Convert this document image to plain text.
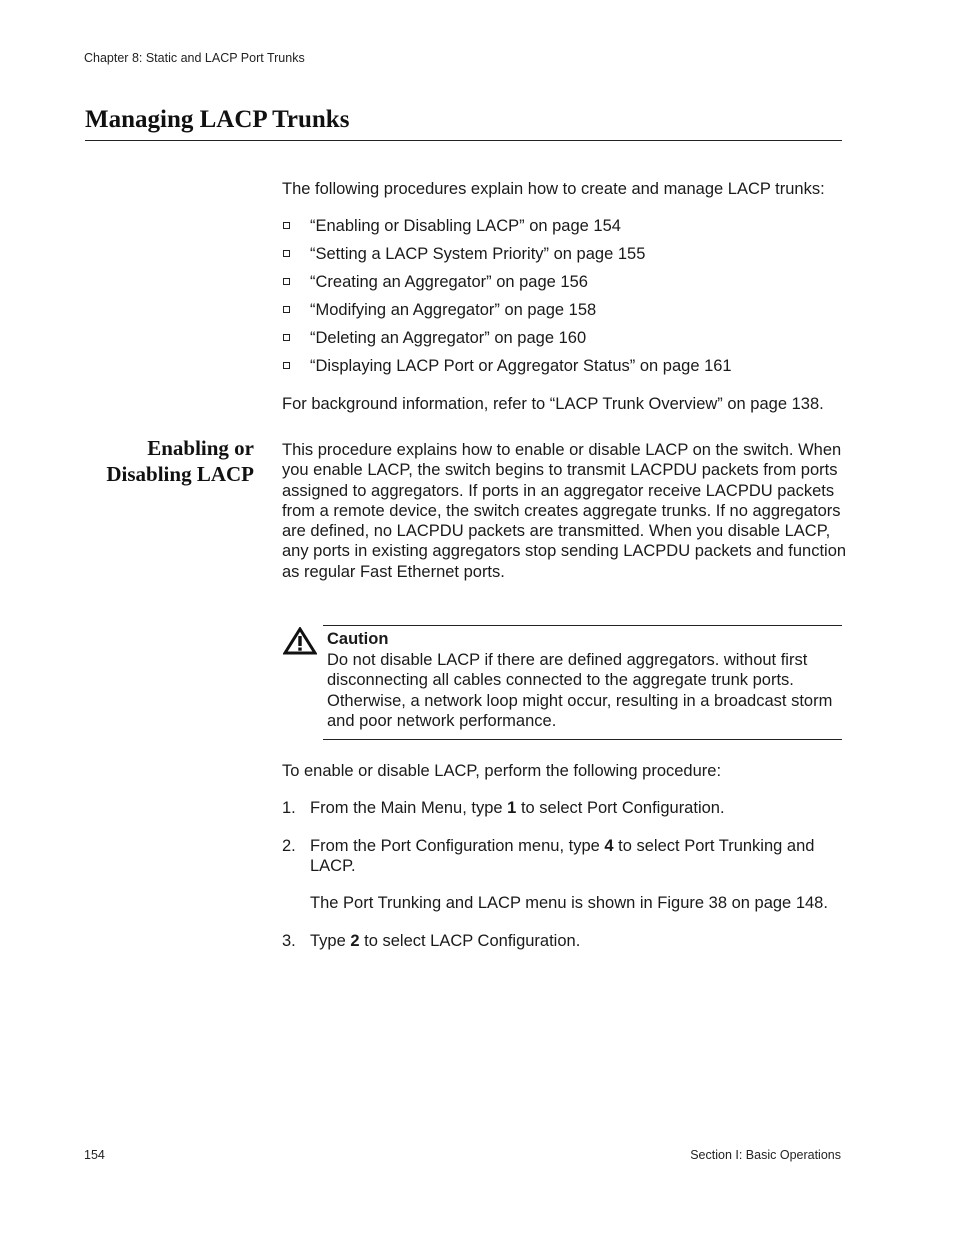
Chapter 8: Static and LACP Port Trunks
Managing LACP Trunks

The following procedures explain how to create and manage LACP trunks:

“Enabling or Disabling LACP” on page 154
“Setting a LACP System Priority” on page 155
“Creating an Aggregator” on page 156
“Modifying an Aggregator” on page 158
“Deleting an Aggregator” on page 160
“Displaying LACP Port or Aggregator Status” on page 161

For background information, refer to “LACP Trunk Overview” on page 138.

Enabling or
Disabling LACP

This procedure explains how to enable or disable LACP on the switch. When you enable LACP, the switch begins to transmit LACPDU packets from ports assigned to aggregators. If ports in an aggregator receive LACPDU packets from a remote device, the switch creates aggregate trunks. If no aggregators are defined, no LACPDU packets are transmitted. When you disable LACP, any ports in existing aggregators stop sending LACPDU packets and function as regular Fast Ethernet ports.

Caution

Do not disable LACP if there are defined aggregators. without first disconnecting all cables connected to the aggregate trunk ports. Otherwise, a network loop might occur, resulting in a broadcast storm and poor network performance.

To enable or disable LACP, perform the following procedure:

1. From the Main Menu, type 1 to select Port Configuration.
2. From the Port Configuration menu, type 4 to select Port Trunking and LACP.
The Port Trunking and LACP menu is shown in Figure 38 on page 148.
3. Type 2 to select LACP Configuration.
154	Section I: Basic Operations
